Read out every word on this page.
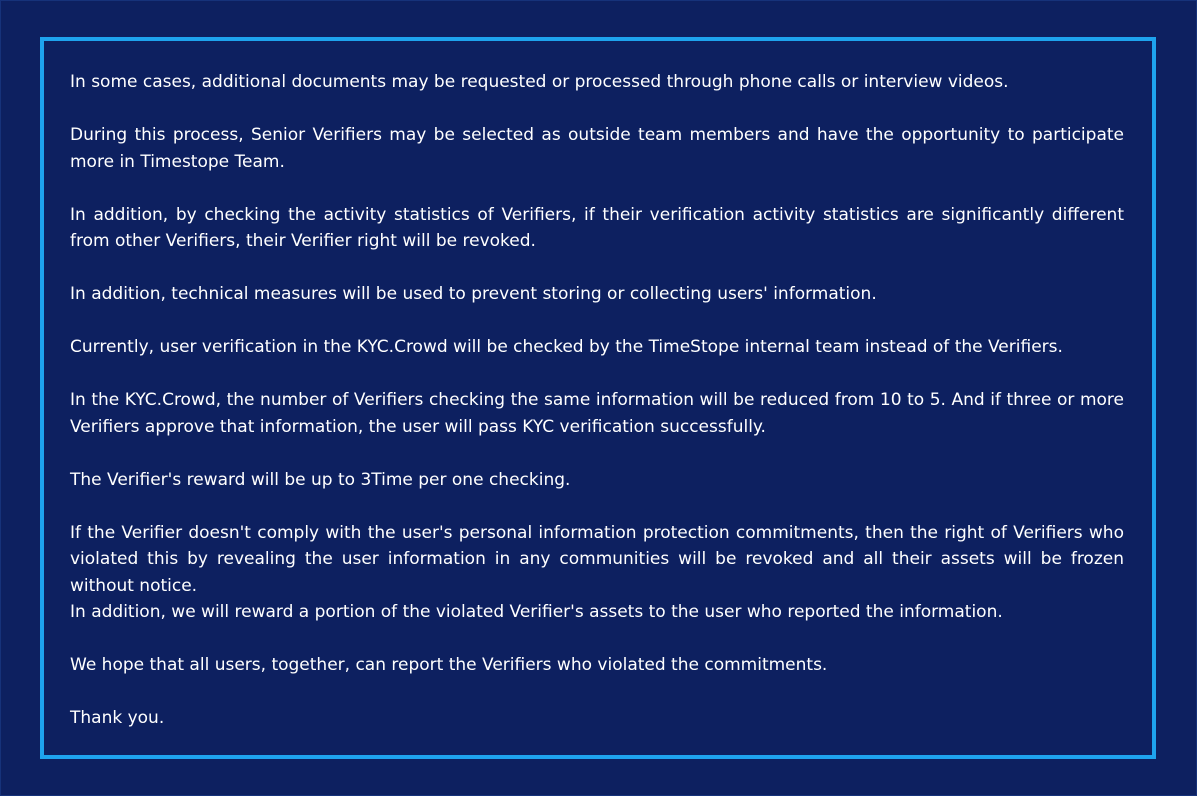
In some cases, additional documents may be requested or processed through phone calls or interview videos.

During this process, Senior Verifiers may be selected as outside team members and have the opportunity to participate more in Timestope Team.

In addition, by checking the activity statistics of Verifiers, if their verification activity statistics are significantly different from other Verifiers, their Verifier right will be revoked.

In addition, technical measures will be used to prevent storing or collecting users' information.

Currently, user verification in the KYC.Crowd will be checked by the TimeStope internal team instead of the Verifiers.

In the KYC.Crowd, the number of Verifiers checking the same information will be reduced from 10 to 5. And if three or more Verifiers approve that information, the user will pass KYC verification successfully.

The Verifier's reward will be up to 3Time per one checking.

If the Verifier doesn't comply with the user's personal information protection commitments, then the right of Verifiers who violated this by revealing the user information in any communities will be revoked and all their assets will be frozen without notice.

In addition, we will reward a portion of the violated Verifier's assets to the user who reported the information.

We hope that all users, together, can report the Verifiers who violated the commitments.

Thank you.
